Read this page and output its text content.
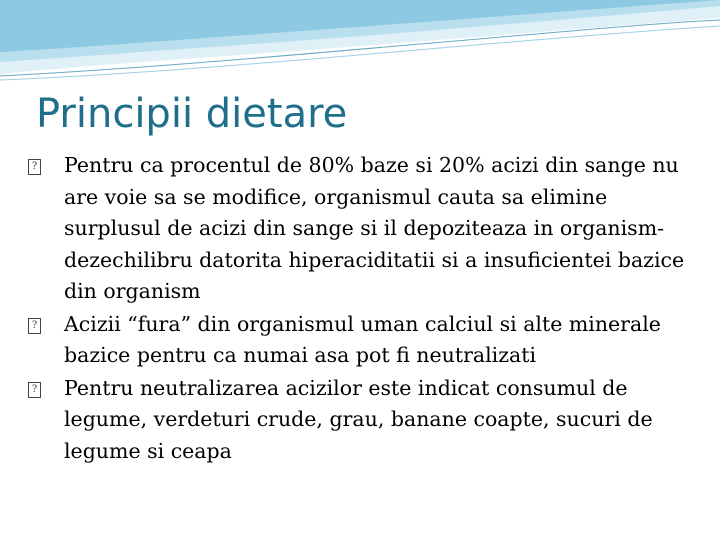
Principii dietare

? Pentru ca procentul de 80% baze si 20% acizi din sange nu are voie sa se modifice, organismul cauta sa elimine surplusul de acizi din sange si il depoziteaza in organism- dezechilibru datorita hiperaciditatii si a insuficientei bazice din organism

? Acizii “fura” din organismul uman calciul si alte minerale bazice pentru ca numai asa pot fi neutralizati

? Pentru neutralizarea acizilor este indicat consumul de legume, verdeturi crude, grau, banane coapte, sucuri de legume si ceapa
